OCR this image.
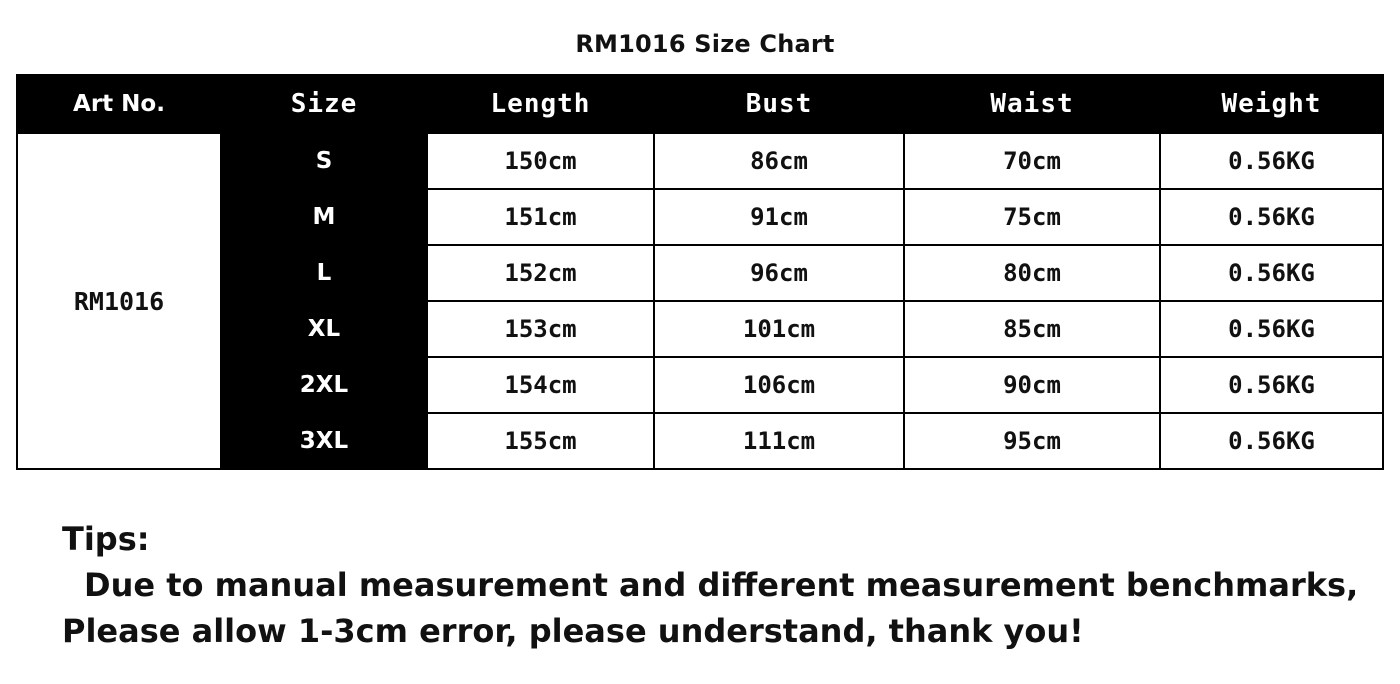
RM1016 Size Chart
Art No.	Size	Length	Bust	Waist	Weight
RM1016	S	150cm	86cm	70cm	0.56KG
	M	151cm	91cm	75cm	0.56KG
	L	152cm	96cm	80cm	0.56KG
	XL	153cm	101cm	85cm	0.56KG
	2XL	154cm	106cm	90cm	0.56KG
	3XL	155cm	111cm	95cm	0.56KG
Tips:
Due to manual measurement and different measurement benchmarks,
Please allow 1-3cm error, please understand, thank you!
